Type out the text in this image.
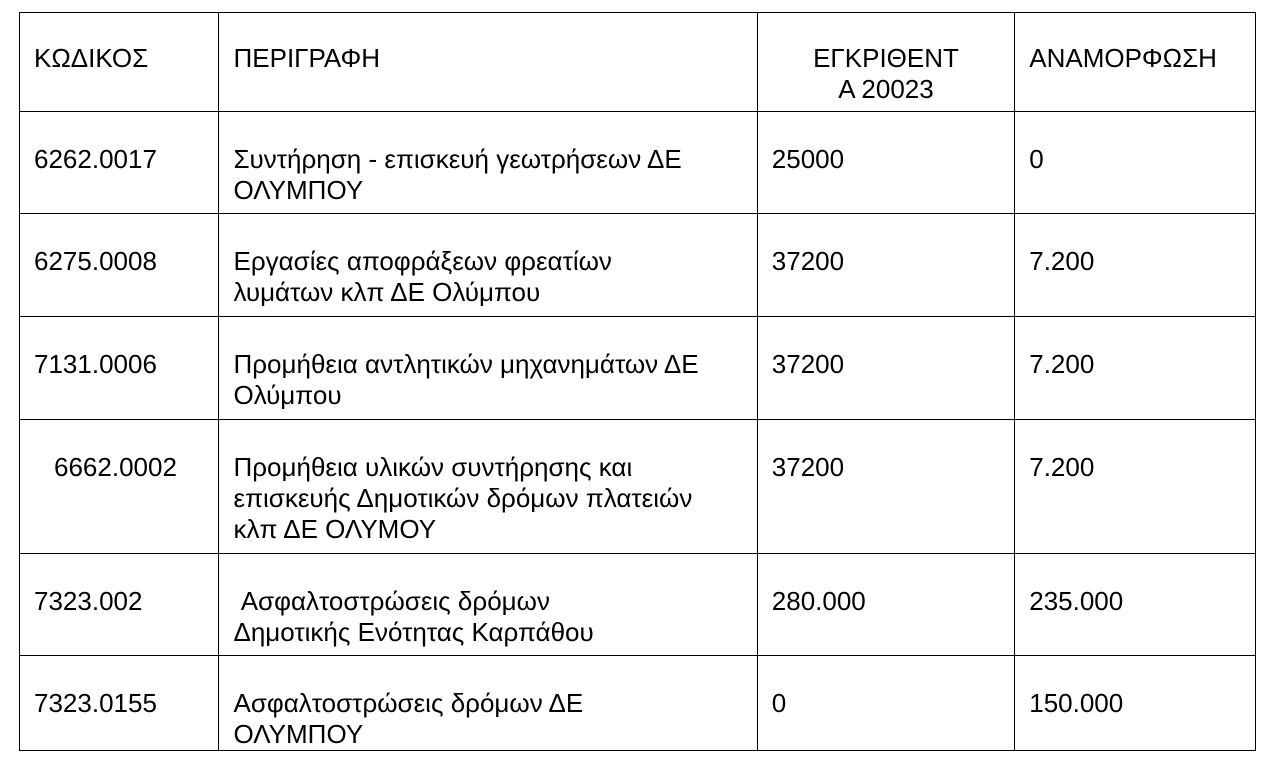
ΚΩΔΙΚΟΣ	ΠΕΡΙΓΡΑΦΗ	ΕΓΚΡΙΘΕΝΤΑ 20023	ΑΝΑΜΟΡΦΩΣΗ
6262.0017	Συντήρηση - επισκευή γεωτρήσεων ΔΕ ΟΛΥΜΠΟΥ	25000	0
6275.0008	Εργασίες αποφράξεων φρεατίων λυμάτων κλπ ΔΕ Ολύμπου	37200	7.200
7131.0006	Προμήθεια αντλητικών μηχανημάτων ΔΕ Ολύμπου	37200	7.200
6662.0002	Προμήθεια υλικών συντήρησης και επισκευής Δημοτικών δρόμων πλατειών κλπ ΔΕ ΟΛΥΜΟΥ	37200	7.200
7323.002	Ασφαλτοστρώσεις δρόμων Δημοτικής Ενότητας Καρπάθου	280.000	235.000
7323.0155	Ασφαλτοστρώσεις δρόμων ΔΕ ΟΛΥΜΠΟΥ	0	150.000
